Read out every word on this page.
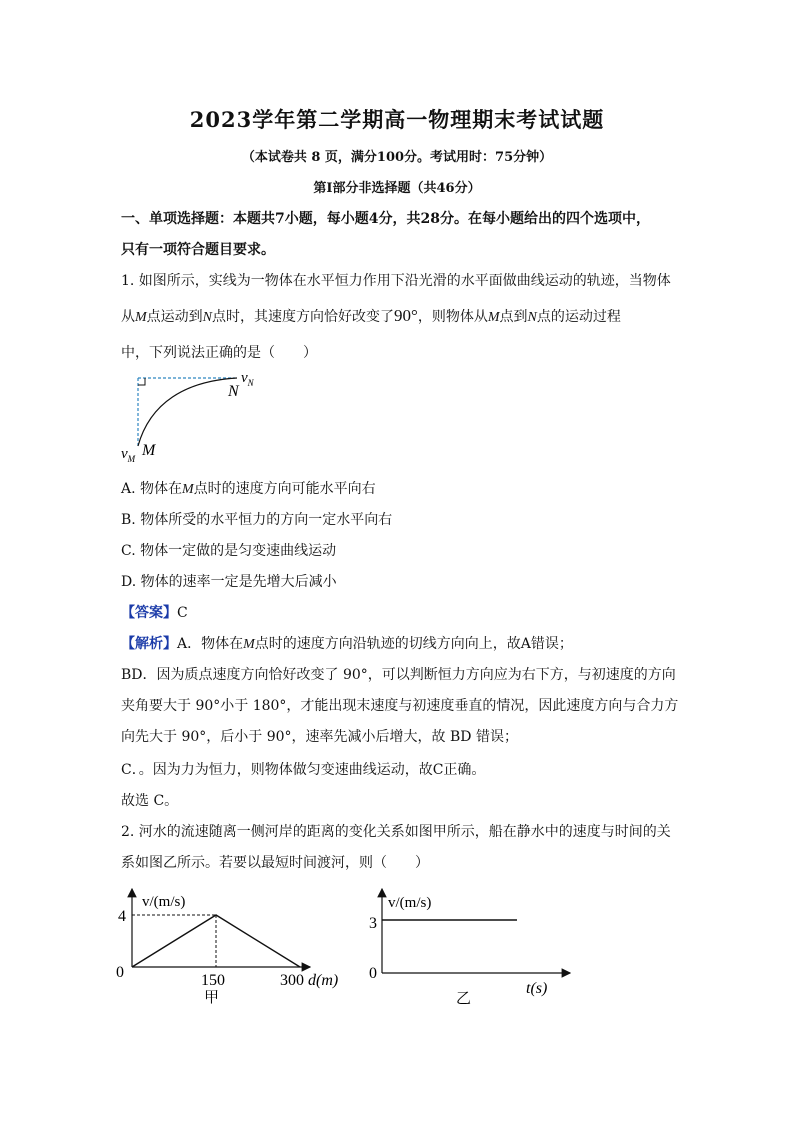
2023学年第二学期高一物理期末考试试题
（本试卷共 8 页，满分100分。考试用时：75分钟）
第Ⅰ部分非选择题（共46分）
一、单项选择题：本题共7小题，每小题4分，共28分。在每小题给出的四个选项中，
只有一项符合题目要求。
1. 如图所示，实线为一物体在水平恒力作用下沿光滑的水平面做曲线运动的轨迹，当物体
从M点运动到N点时，其速度方向恰好改变了90°，则物体从M点到N点的运动过程
中，下列说法正确的是（　　）
$v_N$
N
$v_M$ M
A. 物体在M点时的速度方向可能水平向右
B. 物体所受的水平恒力的方向一定水平向右
C. 物体一定做的是匀变速曲线运动
D. 物体的速率一定是先增大后减小
【答案】C
【解析】A．物体在M点时的速度方向沿轨迹的切线方向向上，故A错误；
BD．因为质点速度方向恰好改变了 90°，可以判断恒力方向应为右下方，与初速度的方向
夹角要大于 90°小于 180°，才能出现末速度与初速度垂直的情况，因此速度方向与合力方
向先大于 90°，后小于 90°，速率先减小后增大，故 BD 错误；
C．。因为力为恒力，则物体做匀变速曲线运动，故C正确。
故选 C。
2. 河水的流速随离一侧河岸的距离的变化关系如图甲所示，船在静水中的速度与时间的关
系如图乙所示。若要以最短时间渡河，则（　　）
v/(m/s)
4
0	150	300 d(m)
甲
v/(m/s)
3
0
t(s)
乙
